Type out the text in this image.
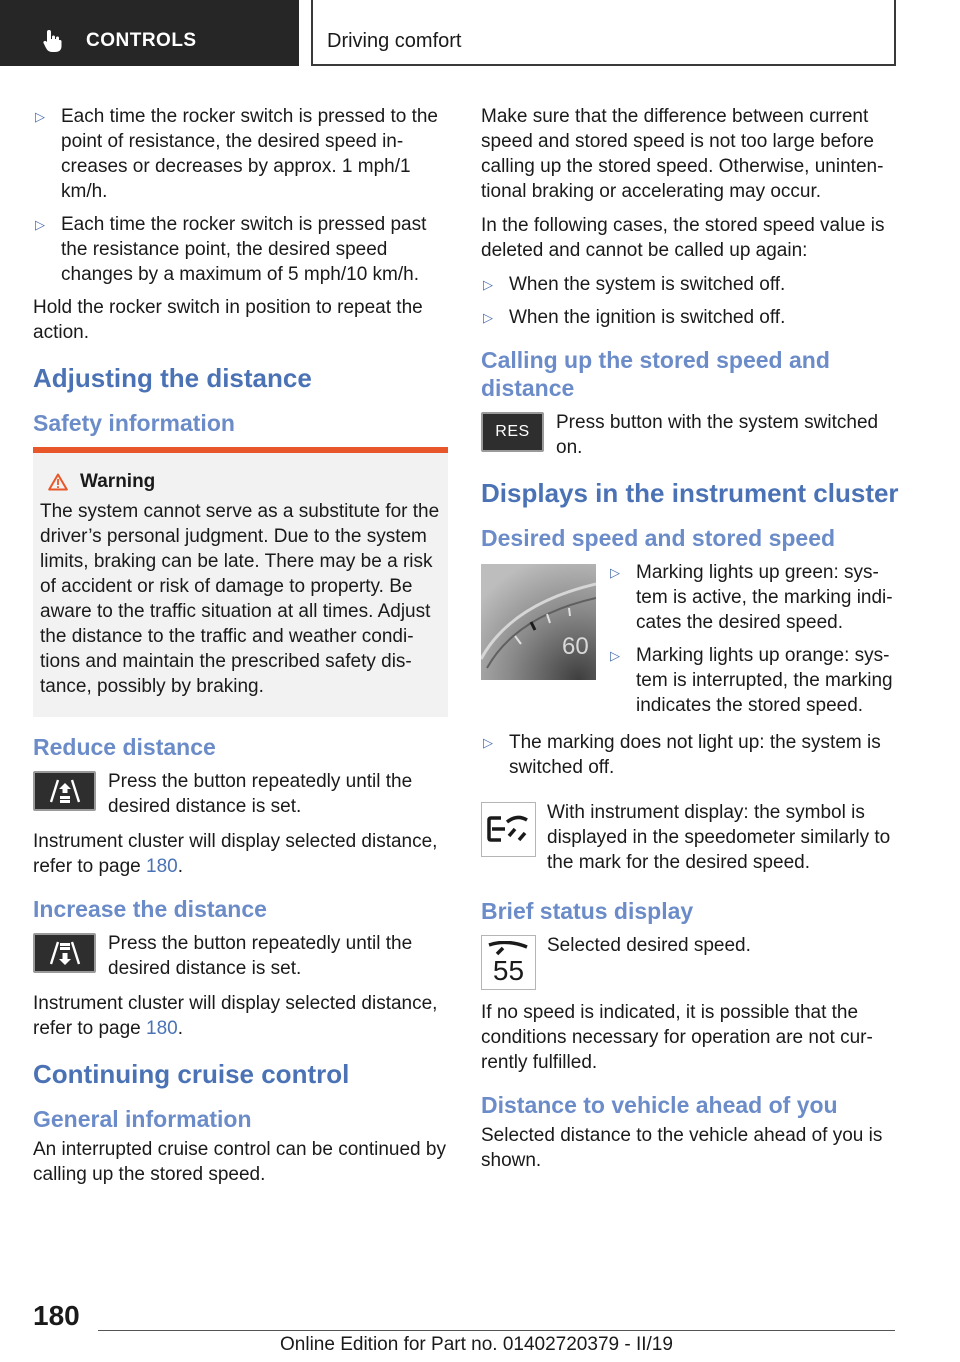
CONTROLS	Driving comfort
▷ Each time the rocker switch is pressed to the point of resistance, the desired speed in-creases or decreases by approx. 1 mph/1 km/h.
▷ Each time the rocker switch is pressed past the resistance point, the desired speed changes by a maximum of 5 mph/10 km/h.

Hold the rocker switch in position to repeat the action.

Adjusting the distance
Safety information
Warning

The system cannot serve as a substitute for the driver’s personal judgment. Due to the system limits, braking can be late. There may be a risk of accident or risk of damage to property. Be aware to the traffic situation at all times. Adjust the distance to the traffic and weather condi-tions and maintain the prescribed safety dis-tance, possibly by braking.

Reduce distance
Press the button repeatedly until the desired distance is set.

Instrument cluster will display selected distance, refer to page 180.

Increase the distance
Press the button repeatedly until the desired distance is set.

Instrument cluster will display selected distance, refer to page 180.

Continuing cruise control
General information

An interrupted cruise control can be continued by calling up the stored speed.

Make sure that the difference between current speed and stored speed is not too large before calling up the stored speed. Otherwise, uninten-tional braking or accelerating may occur.

In the following cases, the stored speed value is deleted and cannot be called up again:

▷ When the system is switched off.
▷ When the ignition is switched off.
Calling up the stored speed and distance
RES Press button with the system switched on.
Displays in the instrument cluster
Desired speed and stored speed
60
▷ Marking lights up green: sys-tem is active, the marking indi-cates the desired speed.
▷ Marking lights up orange: sys-tem is interrupted, the marking indicates the stored speed.
▷ The marking does not light up: the system is switched off.
With instrument display: the symbol is displayed in the speedometer similarly to the mark for the desired speed.
Brief status display
55
Selected desired speed.

If no speed is indicated, it is possible that the conditions necessary for operation are not cur-rently fulfilled.

Distance to vehicle ahead of you

Selected distance to the vehicle ahead of you is shown.

180
Online Edition for Part no. 01402720379 - II/19
